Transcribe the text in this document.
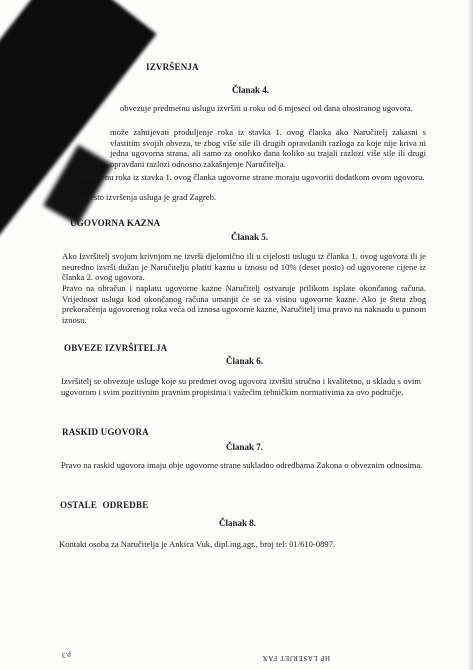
IZVRŠENJA
Članak 4.
obvezuje predmetnu uslugu izvršiti u roku od 6 mjeseci od dana obostranog ugovora.
može zahtijevati produljenje roka iz stavka 1. ovog članka ako Naručitelj zakasni s vlastitim svojih obveza, te zbog više sile ili drugih opravdanih razloga za koje nije kriva ni jedna ugovorna strana, ali samo za onoliko dana koliko su trajali razlozi više sile ili drugi opravdani razlozi odnosno zakašnjenje Naručitelja.
Promjenu roka iz stavka 1. ovog članka ugovorne strane moraju ugovoriti dodatkom ovom ugovoru.
Mjesto izvršenja usluga je grad Zagreb.
UGOVORNA KAZNA
Članak 5.
Ako Izvršitelj svojom krivnjom ne izvrši djelomično ili u cijelosti uslugu iz članka 1. ovog ugovora ili je neuredno izvrši dužan je Naručitelju platiti kaznu u iznosu od 10% (deset posto) od ugovorene cijene iz članka 2. ovog ugovora.
Pravo na obračun i naplatu ugovorne kazne Naručitelj ostvaruje prilikom isplate okončanog računa. Vrijednost usluga kod okončanog računa umanjit će se za visinu ugovorne kazne. Ako je šteta zbog prekoračenja ugovorenog roka veća od iznosa ugovorne kazne, Naručitelj ima pravo na naknadu u punom iznosu.
OBVEZE IZVRŠITELJA
Članak 6.
Izvršitelj se obvezuje usluge koje su predmet ovog ugovora izvršiti stručno i kvalitetno, u skladu s ovim ugovorom i svim pozitivnim pravnim propisima i važećim tehničkim normativima za ovo područje.
RASKID UGOVORA
Članak 7.
Pravo na raskid ugovora imaju obje ugovorne strane sukladno odredbama Zakona o obveznim odnosima.
OSTALE ODREDBE
Članak 8.
Kontakt osoba za Naručitelja je Ankica Vuk, dipl.ing.agr., broj tel: 01/610-0897.
p.3	HP LASERJET FAX
